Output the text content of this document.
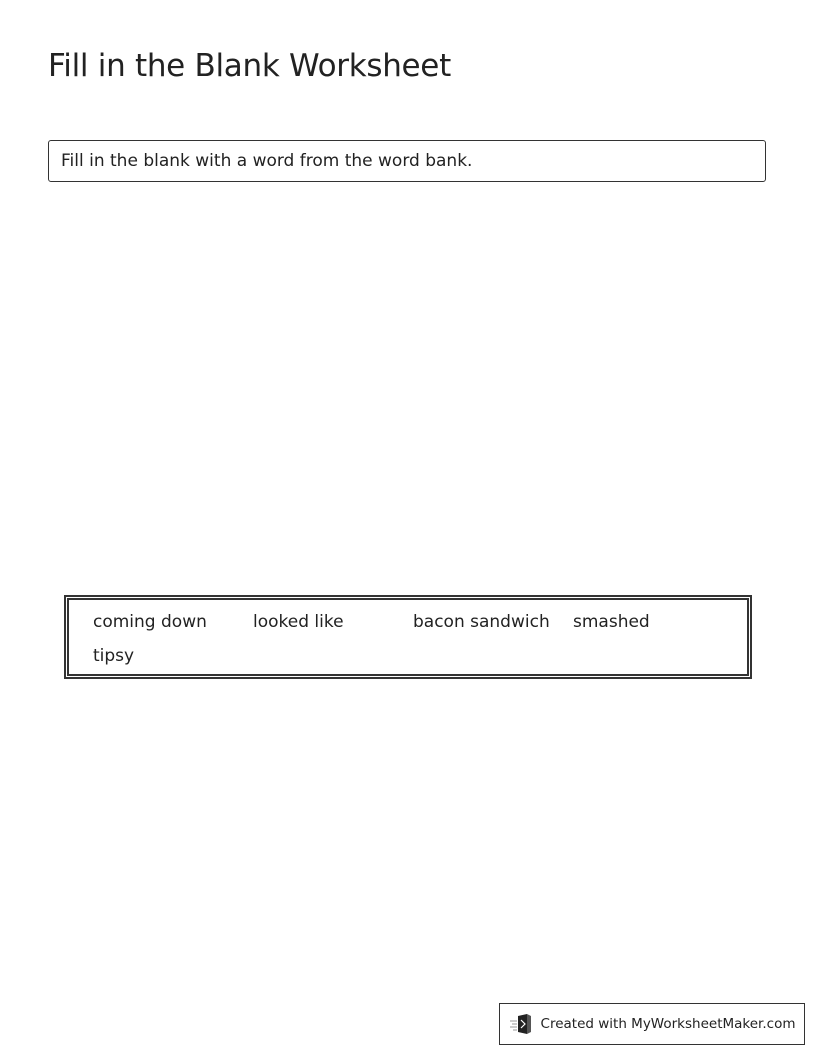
Fill in the Blank Worksheet
Fill in the blank with a word from the word bank.
coming down	looked like	bacon sandwich	smashed
tipsy
Created with MyWorksheetMaker.com
